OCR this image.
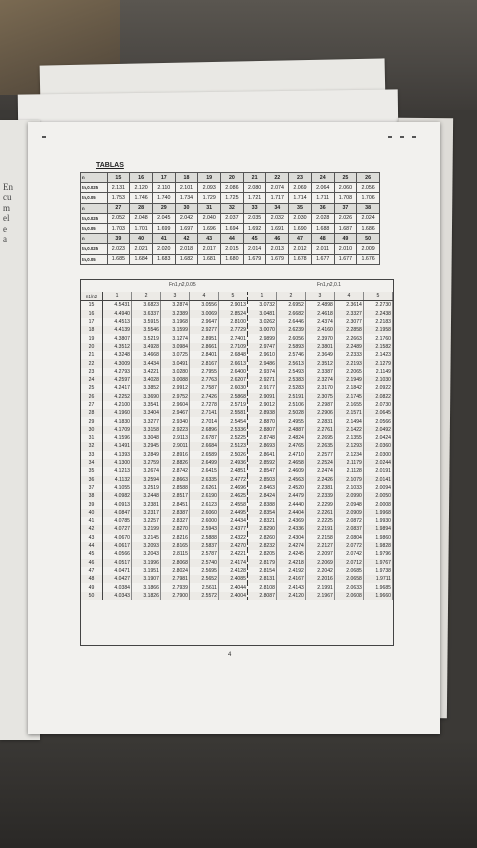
En
cu
m
el
e
a
TABLAS
n	15	16	17	18	19	20	21	22	23	24	25	26
tn,0.025	2.131	2.120	2.110	2.101	2.093	2.086	2.080	2.074	2.069	2.064	2.060	2.056
tn,0.05	1.753	1.746	1.740	1.734	1.729	1.725	1.721	1.717	1.714	1.711	1.708	1.706
n	27	28	29	30	31	32	33	34	35	36	37	38
tn,0.025	2.052	2.048	2.045	2.042	2.040	2.037	2.035	2.032	2.030	2.028	2.026	2.024
tn,0.05	1.703	1.701	1.699	1.697	1.696	1.694	1.692	1.691	1.690	1.688	1.687	1.686
n	39	40	41	42	43	44	45	46	47	48	49	50
tn,0.025	2.023	2.021	2.020	2.018	2.017	2.015	2.014	2.013	2.012	2.011	2.010	2.009
tn,0.05	1.685	1.684	1.683	1.682	1.681	1.680	1.679	1.679	1.678	1.677	1.677	1.676
Fn1,n2,0.05	Fn1,n2,0.1
n1/n2	1	2	3	4	5	1	2	3	4	5
15	4.5431	3.6823	3.2874	3.0556	2.9013	3.0732	2.6952	2.4898	2.3614	2.2730
16	4.4940	3.6337	3.2389	3.0069	2.8524	3.0481	2.6682	2.4618	2.3327	2.2438
17	4.4513	3.5915	3.1968	2.9647	2.8100	3.0262	2.6446	2.4374	2.3077	2.2183
18	4.4139	3.5546	3.1599	2.9277	2.7729	3.0070	2.6239	2.4160	2.2858	2.1958
19	4.3807	3.5219	3.1274	2.8951	2.7401	2.9899	2.6056	2.3970	2.2663	2.1760
20	4.3512	3.4928	3.0984	2.8661	2.7109	2.9747	2.5893	2.3801	2.2489	2.1582
21	4.3248	3.4668	3.0725	2.8401	2.6848	2.9610	2.5746	2.3649	2.2333	2.1423
22	4.3009	3.4434	3.0491	2.8167	2.6613	2.9486	2.5613	2.3512	2.2193	2.1279
23	4.2793	3.4221	3.0280	2.7955	2.6400	2.9374	2.5493	2.3387	2.2065	2.1149
24	4.2597	3.4028	3.0088	2.7763	2.6207	2.9271	2.5383	2.3274	2.1949	2.1030
25	4.2417	3.3852	2.9912	2.7587	2.6030	2.9177	2.5283	2.3170	2.1842	2.0922
26	4.2252	3.3690	2.9752	2.7426	2.5868	2.9091	2.5191	2.3075	2.1745	2.0822
27	4.2100	3.3541	2.9604	2.7278	2.5719	2.9012	2.5106	2.2987	2.1655	2.0730
28	4.1960	3.3404	2.9467	2.7141	2.5581	2.8938	2.5028	2.2906	2.1571	2.0645
29	4.1830	3.3277	2.9340	2.7014	2.5454	2.8870	2.4955	2.2831	2.1494	2.0566
30	4.1709	3.3158	2.9223	2.6896	2.5336	2.8807	2.4887	2.2761	2.1422	2.0492
31	4.1596	3.3048	2.9113	2.6787	2.5225	2.8748	2.4824	2.2695	2.1355	2.0424
32	4.1491	3.2945	2.9011	2.6684	2.5123	2.8693	2.4765	2.2635	2.1293	2.0360
33	4.1393	3.2849	2.8916	2.6589	2.5026	2.8641	2.4710	2.2577	2.1234	2.0300
34	4.1300	3.2759	2.8826	2.6499	2.4936	2.8592	2.4658	2.2524	2.1179	2.0244
35	4.1213	3.2674	2.8742	2.6415	2.4851	2.8547	2.4609	2.2474	2.1128	2.0191
36	4.1132	3.2594	2.8663	2.6335	2.4772	2.8503	2.4563	2.2426	2.1079	2.0141
37	4.1055	3.2519	2.8588	2.6261	2.4696	2.8463	2.4520	2.2381	2.1033	2.0094
38	4.0982	3.2448	2.8517	2.6190	2.4625	2.8424	2.4479	2.2339	2.0990	2.0050
39	4.0913	3.2381	2.8451	2.6123	2.4558	2.8388	2.4440	2.2299	2.0948	2.0008
40	4.0847	3.2317	2.8387	2.6060	2.4495	2.8354	2.4404	2.2261	2.0909	1.9968
41	4.0785	3.2257	2.8327	2.6000	2.4434	2.8321	2.4369	2.2225	2.0872	1.9930
42	4.0727	3.2199	2.8270	2.5943	2.4377	2.8290	2.4336	2.2191	2.0837	1.9894
43	4.0670	3.2145	2.8216	2.5888	2.4322	2.8260	2.4304	2.2158	2.0804	1.9860
44	4.0617	3.2093	2.8165	2.5837	2.4270	2.8232	2.4274	2.2127	2.0772	1.9828
45	4.0566	3.2043	2.8115	2.5787	2.4221	2.8205	2.4245	2.2097	2.0742	1.9796
46	4.0517	3.1996	2.8068	2.5740	2.4174	2.8179	2.4218	2.2069	2.0712	1.9767
47	4.0471	3.1951	2.8024	2.5695	2.4128	2.8154	2.4192	2.2042	2.0685	1.9738
48	4.0427	3.1907	2.7981	2.5652	2.4085	2.8131	2.4167	2.2016	2.0658	1.9711
49	4.0384	3.1866	2.7939	2.5611	2.4044	2.8108	2.4143	2.1991	2.0633	1.9685
50	4.0343	3.1826	2.7900	2.5572	2.4004	2.8087	2.4120	2.1967	2.0608	1.9660
4
